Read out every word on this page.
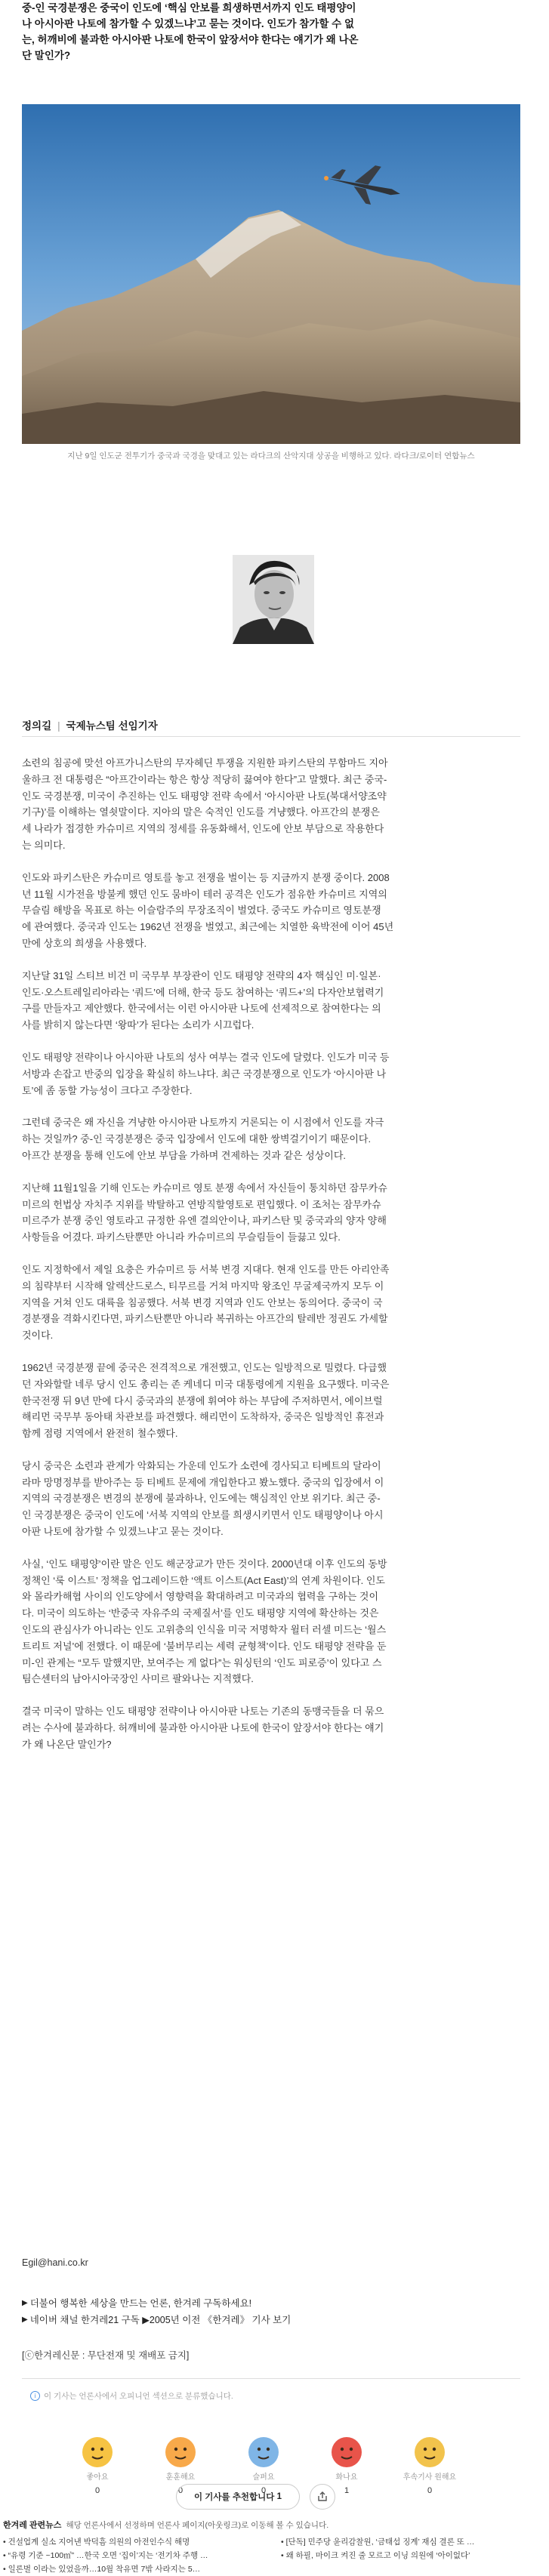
중-인 국경분쟁은 중국이 인도에 ‘핵심 안보를 희생하면서까지 인도 태평양이
나 아시아판 나토에 참가할 수 있겠느냐’고 묻는 것이다. 인도가 참가할 수 없
는, 허깨비에 불과한 아시아판 나토에 한국이 앞장서야 한다는 얘기가 왜 나온
단 말인가?
지난 9일 인도군 전투기가 중국과 국경을 맞대고 있는 라다크의 산악지대 상공을 비행하고 있다. 라다크/로이터 연합뉴스
정의길 | 국제뉴스팀 선임기자

소련의 침공에 맞선 아프가니스탄의 무자헤딘 투쟁을 지원한 파키스탄의 무함마드 지아
울하크 전 대통령은 “아프간이라는 항은 항상 적당히 끓여야 한다”고 말했다. 최근 중국-
인도 국경분쟁, 미국이 추진하는 인도 태평양 전략 속에서 ‘아시아판 나토(북대서양조약
기구)’를 이해하는 열쇳말이다. 지아의 말은 숙적인 인도를 겨냥했다. 아프간의 분쟁은
세 나라가 접경한 카슈미르 지역의 정세를 유동화해서, 인도에 안보 부담으로 작용한다
는 의미다.

인도와 파키스탄은 카슈미르 영토를 놓고 전쟁을 벌이는 등 지금까지 분쟁 중이다. 2008
년 11월 시가전을 방불케 했던 인도 뭄바이 테러 공격은 인도가 점유한 카슈미르 지역의
무슬림 해방을 목표로 하는 이슬람주의 무장조직이 벌였다. 중국도 카슈미르 영토분쟁
에 관여했다. 중국과 인도는 1962년 전쟁을 벌였고, 최근에는 치열한 육박전에 이어 45년
만에 상호의 희생을 사용했다.

지난달 31일 스티브 비건 미 국무부 부장관이 인도 태평양 전략의 4자 핵심인 미·일본·
인도·오스트레일리아라는 ‘쿼드’에 더해, 한국 등도 참여하는 ‘쿼드+’의 다자안보협력기
구를 만들자고 제안했다. 한국에서는 이런 아시아판 나토에 선제적으로 참여한다는 의
사를 밝히지 않는다면 ‘왕따’가 된다는 소리가 시끄럽다.

인도 태평양 전략이나 아시아판 나토의 성사 여부는 결국 인도에 달렸다. 인도가 미국 등
서방과 손잡고 반중의 입장을 확실히 하느냐다. 최근 국경분쟁으로 인도가 ‘아시아판 나
토’에 좀 동할 가능성이 크다고 주장한다.

그런데 중국은 왜 자신을 겨냥한 아시아판 나토까지 거론되는 이 시점에서 인도를 자극
하는 것일까? 중-인 국경분쟁은 중국 입장에서 인도에 대한 쌍벽걸기이기 때문이다.
아프간 분쟁을 통해 인도에 안보 부담을 가하며 견제하는 것과 같은 성상이다.

지난해 11월1일을 기해 인도는 카슈미르 영토 분쟁 속에서 자신들이 통치하던 잠무카슈
미르의 헌법상 자치주 지위를 박탈하고 연방직할영토로 편입했다. 이 조처는 잠무카슈
미르주가 분쟁 중인 영토라고 규정한 유엔 결의안이나, 파키스탄 및 중국과의 양자 양해
사항들을 어겼다. 파키스탄뿐만 아니라 카슈미르의 무슬림들이 들끓고 있다.

인도 지정학에서 제일 요충은 카슈미르 등 서북 변경 지대다. 현재 인도를 만든 아리안족
의 침략부터 시작해 알렉산드로스, 티무르를 거쳐 마지막 왕조인 무굴제국까지 모두 이
지역을 거쳐 인도 대륙을 침공했다. 서북 변경 지역과 인도 안보는 동의어다. 중국이 국
경분쟁을 격화시킨다면, 파키스탄뿐만 아니라 복귀하는 아프간의 탈레반 정권도 가세할
것이다.

1962년 국경분쟁 끝에 중국은 전격적으로 개전했고, 인도는 일방적으로 밀렸다. 다급했
던 자와할랄 네루 당시 인도 총리는 존 케네디 미국 대통령에게 지원을 요구했다. 미국은
한국전쟁 뒤 9년 만에 다시 중국과의 분쟁에 휘여야 하는 부담에 주저하면서, 에이브럴
해리먼 국무부 동아태 차관보를 파견했다. 해리먼이 도착하자, 중국은 일방적인 휴전과
함께 점령 지역에서 완전히 철수했다.

당시 중국은 소련과 관계가 악화되는 가운데 인도가 소련에 경사되고 티베트의 달라이
라마 망명정부를 받아주는 등 티베트 문제에 개입한다고 봤노했다. 중국의 입장에서 이
지역의 국경분쟁은 변경의 분쟁에 불과하나, 인도에는 핵심적인 안보 위기다. 최근 중-
인 국경분쟁은 중국이 인도에 ‘서북 지역의 안보를 희생시키면서 인도 태평양이나 아시
아판 나토에 참가할 수 있겠느냐’고 묻는 것이다.

사실, ‘인도 태평양’이란 말은 인도 해군장교가 만든 것이다. 2000년대 이후 인도의 동방
정책인 ‘룩 이스트’ 정책을 업그레이드한 ‘액트 이스트(Act East)’의 연계 차원이다. 인도
와 몰라카해협 사이의 인도양에서 영향력을 확대하려고 미국과의 협력을 구하는 것이
다. 미국이 의도하는 ‘반중국 자유주의 국제질서’를 인도 태평양 지역에 확산하는 것은
인도의 관심사가 아니라는 인도 고위층의 인식을 미국 저명학자 윌터 러셀 미드는 ‘월스
트리트 저널’에 전했다. 이 때문에 ‘불버무리는 세력 균형책’이다. 인도 태평양 전략을 둔
미-인 관계는 “모두 말했지만, 보여주는 게 없다”는 워싱턴의 ‘인도 피로증’이 있다고 스
팀슨센터의 남아시아국장인 사미르 팔와나는 지적했다.

결국 미국이 말하는 인도 태평양 전략이나 아시아판 나토는 기존의 동맹국들을 더 묶으
려는 수사에 불과하다. 허깨비에 불과한 아시아판 나토에 한국이 앞장서야 한다는 얘기
가 왜 나온단 말인가?

Egil@hani.co.kr
▶ 더불어 행복한 세상을 만드는 언론, 한겨레 구독하세요!
▶ 네이버 채널 한겨레21 구독 ▶2005년 이전 《한겨레》 기사 보기
[ⓒ한겨레신문 : 무단전재 및 재배포 금지]
i	이 기사는 언론사에서 오피니언 섹션으로 분류했습니다.
좋아요
0
훈훈해요
0
슬퍼요
0
화나요
1
후속기사 원해요
0
이 기사를 추천합니다
1
한겨레 관련뉴스 해당 언론사에서 선정하며 언론사 페이지(아웃링크)로 이동해 볼 수 있습니다.
• 건설업계 실소 지어낸 박덕흠 의원의 아전인수식 해명
• “유령 기준 ~100㎡” …한국 오면 ‘집이’지는 ‘전기차 주행 …
• 일론벌 이라는 있었을까…10월 착유면 7밖 사라지는 5…
• [단독] 민주당 윤리감찰원, ‘금태섭 징계’ 재심 결론 또 …
• 왜 하필, 마이크 켜진 줄 모르고 이닝 의원에 ‘아이없다’
